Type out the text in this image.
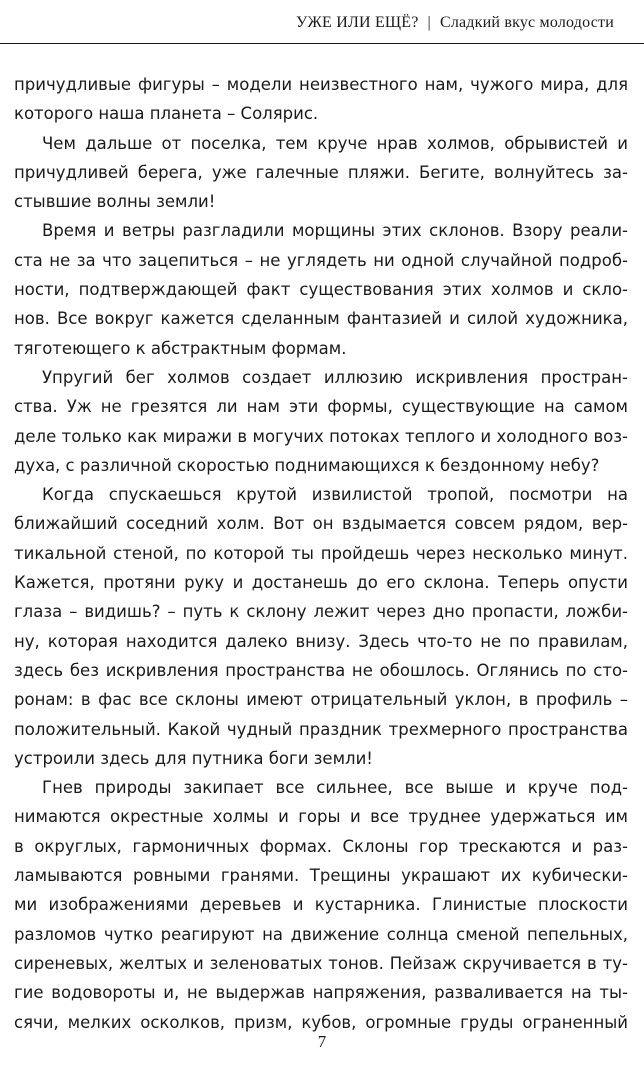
УЖЕ ИЛИ ЕЩЁ? | Сладкий вкус молодости
причудливые фигуры – модели неизвестного нам, чужого мира, для
которого наша планета – Солярис.
Чем дальше от поселка, тем круче нрав холмов, обрывистей и
причудливей берега, уже галечные пляжи. Бегите, волнуйтесь за-
стывшие волны земли!
Время и ветры разгладили морщины этих склонов. Взору реали-
ста не за что зацепиться – не углядеть ни одной случайной подроб-
ности, подтверждающей факт существования этих холмов и скло-
нов. Все вокруг кажется сделанным фантазией и силой художника,
тяготеющего к абстрактным формам.
Упругий бег холмов создает иллюзию искривления простран-
ства. Уж не грезятся ли нам эти формы, существующие на самом
деле только как миражи в могучих потоках теплого и холодного воз-
духа, с различной скоростью поднимающихся к бездонному небу?
Когда спускаешься крутой извилистой тропой, посмотри на
ближайший соседний холм. Вот он вздымается совсем рядом, вер-
тикальной стеной, по которой ты пройдешь через несколько минут.
Кажется, протяни руку и достанешь до его склона. Теперь опусти
глаза – видишь? – путь к склону лежит через дно пропасти, ложби-
ну, которая находится далеко внизу. Здесь что-то не по правилам,
здесь без искривления пространства не обошлось. Оглянись по сто-
ронам: в фас все склоны имеют отрицательный уклон, в профиль –
положительный. Какой чудный праздник трехмерного пространства
устроили здесь для путника боги земли!
Гнев природы закипает все сильнее, все выше и круче под-
нимаются окрестные холмы и горы и все труднее удержаться им
в округлых, гармоничных формах. Склоны гор трескаются и раз-
ламываются ровными гранями. Трещины украшают их кубически-
ми изображениями деревьев и кустарника. Глинистые плоскости
разломов чутко реагируют на движение солнца сменой пепельных,
сиреневых, желтых и зеленоватых тонов. Пейзаж скручивается в ту-
гие водовороты и, не выдержав напряжения, разваливается на ты-
сячи, мелких осколков, призм, кубов, огромные груды ограненный
7
